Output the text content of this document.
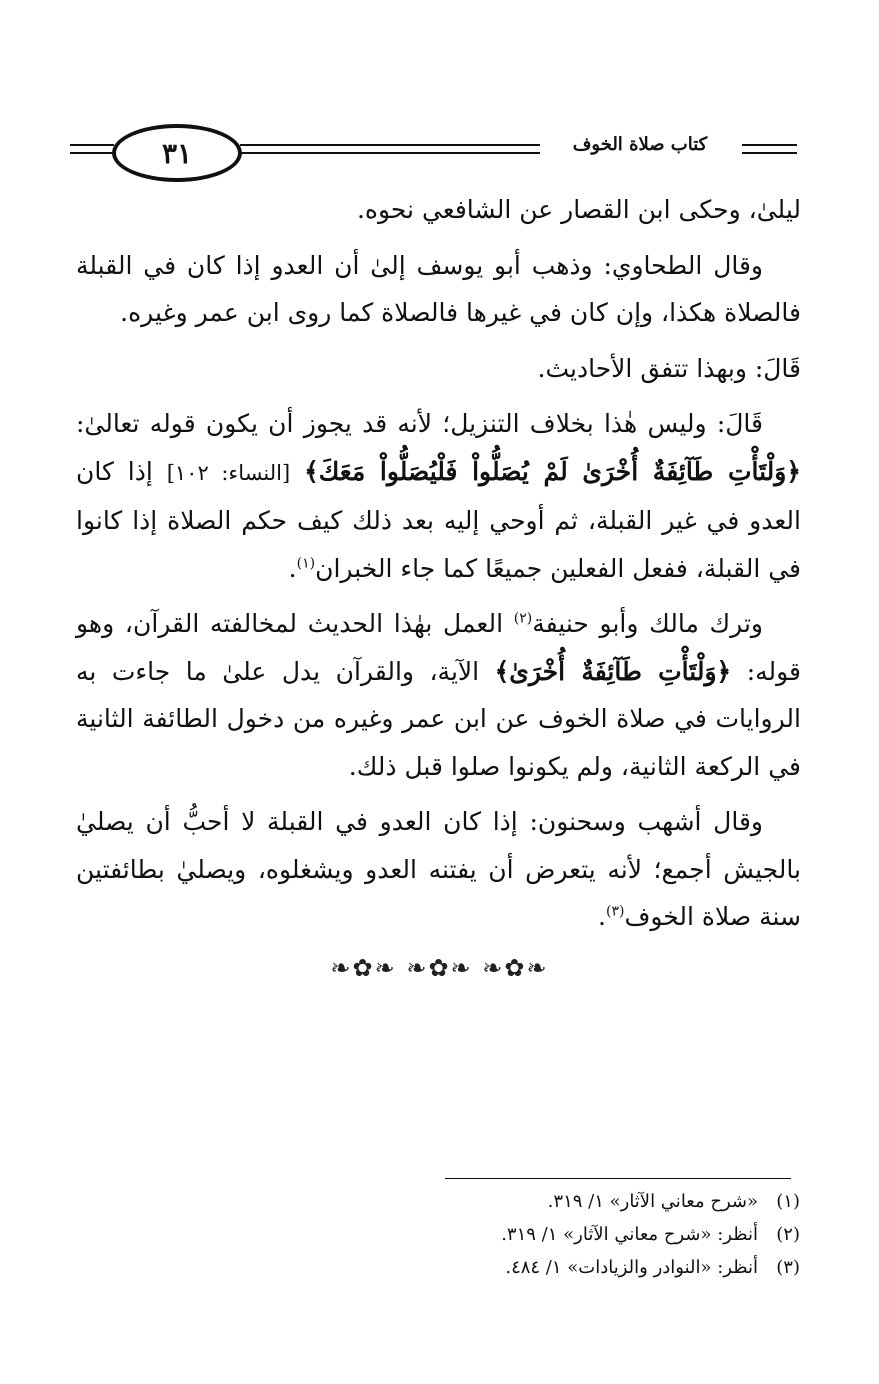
٣١	كتاب صلاة الخوف

ليلىٰ، وحكى ابن القصار عن الشافعي نحوه.

وقال الطحاوي: وذهب أبو يوسف إلىٰ أن العدو إذا كان في القبلة فالصلاة هكذا، وإن كان في غيرها فالصلاة كما روى ابن عمر وغيره.

قَالَ: وبهذا تتفق الأحاديث.

قَالَ: وليس هٰذا بخلاف التنزيل؛ لأنه قد يجوز أن يكون قوله تعالىٰ: ﴿وَلْتَأْتِ طَآئِفَةٌ أُخْرَىٰ لَمْ يُصَلُّواْ فَلْيُصَلُّواْ مَعَكَ﴾ [النساء: ١٠٢] إذا كان العدو في غير القبلة، ثم أوحي إليه بعد ذلك كيف حكم الصلاة إذا كانوا في القبلة، ففعل الفعلين جميعًا كما جاء الخبران$^{(١)}$.

وترك مالك وأبو حنيفة$^{(٢)}$ العمل بهٰذا الحديث لمخالفته القرآن، وهو قوله: ﴿وَلْتَأْتِ طَآئِفَةٌ أُخْرَىٰ﴾ الآية، والقرآن يدل علىٰ ما جاءت به الروايات في صلاة الخوف عن ابن عمر وغيره من دخول الطائفة الثانية في الركعة الثانية، ولم يكونوا صلوا قبل ذلك.

وقال أشهب وسحنون: إذا كان العدو في القبلة لا أحبُّ أن يصليٰ بالجيش أجمع؛ لأنه يتعرض أن يفتنه العدو ويشغلوه، ويصليٰ بطائفتين سنة صلاة الخوف$^{(٣)}$.

❧✿❧ ❧✿❧ ❧✿❧
(١)«شرح معاني الآثار» ١/ ٣١٩.
(٢)أنظر: «شرح معاني الآثار» ١/ ٣١٩.
(٣)أنظر: «النوادر والزيادات» ١/ ٤٨٤.
